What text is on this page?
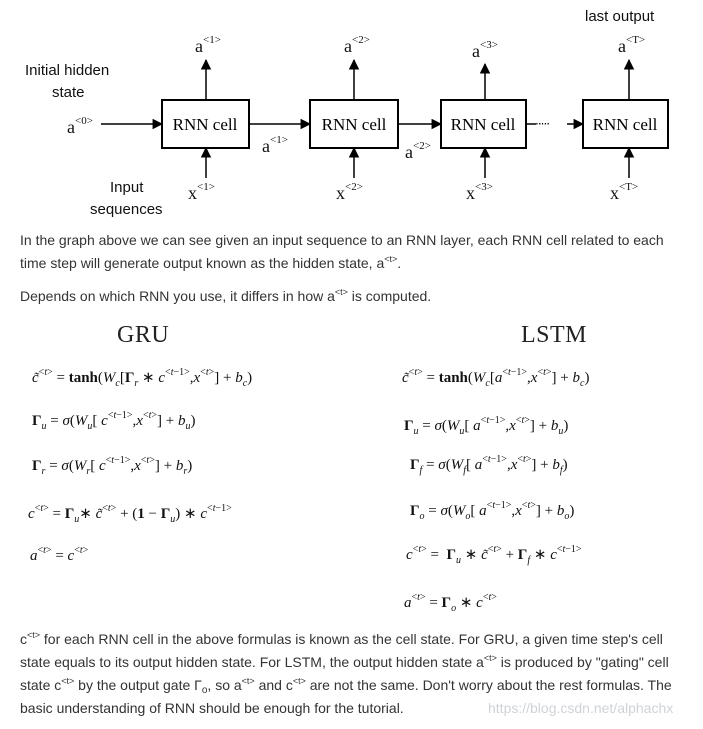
last output
Initial hidden
state
Input
sequences
$a^{<0>}$	·····
RNN cell	RNN cell	RNN cell	RNN cell
$a^{<1>}$
$a^{<2>}$
$a^{<1>}$	$a^{<2>}$
$a^{<3>}$	$a^{<T>}$
$x^{<1>}$	$x^{<2>}$	$x^{<3>}$	$x^{<T>}$
In the graph above we can see given an input sequence to an RNN layer, each RNN cell related to each time step will generate output known as the hidden state, $a^{<t>}$.
Depends on which RNN you use, it differs in how $a^{<t>}$ is computed.
GRU	LSTM
c̃$^{<t>}$ = $\tanh(W_c[\Gamma_r$ ∗ $c^{<t-1>},x^{<t>}] + b_c$)
$\Gamma_u = \sigma(W_u$[ $c^{<t-1>},x^{<t>}] + b_u$)
$\Gamma_r = \sigma(W_r$[ $c^{<t-1>},x^{<t>}] + b_r$)
$c^{<t>}$ = $\Gamma_u∗$ c̃$^{<t>}$ + $(1 - \Gamma_u)$ ∗ $c^{<t-1>}$
$a^{<t>} = c^{<t>}$
c̃$^{<t>}$ = $\tanh(W_c[a^{<t-1>},x^{<t>}] + b_c)$
$\Gamma_u = \sigma(W_u$[ $a^{<t-1>},x^{<t>}] + b_u$)
$\Gamma_f = \sigma(W_f$[ $a^{<t-1>},x^{<t>}] + b_f$)
$\Gamma_o = \sigma(W_o$[ $a^{<t-1>},x^{<t>}] + b_o$)
$c^{<t>} = \Gamma_u$ ∗ c̃$^{<t>}$ + $\Gamma_f$ ∗ $c^{<t-1>}$
$a^{<t>} = \Gamma_o$ ∗ $c^{<t>}$
$c^{<t>}$ for each RNN cell in the above formulas is known as the cell state. For GRU, a given time step's cell state equals to its output hidden state. For LSTM, the output hidden state $a^{<t>}$ is produced by "gating" cell state $c^{<t>}$ by the output gate $\Gamma_o$, so $a^{<t>}$ and $c^{<t>}$ are not the same. Don't worry about the rest formulas. The basic understanding of RNN should be enough for the tutorial.	https://blog.csdn.net/alphachx
